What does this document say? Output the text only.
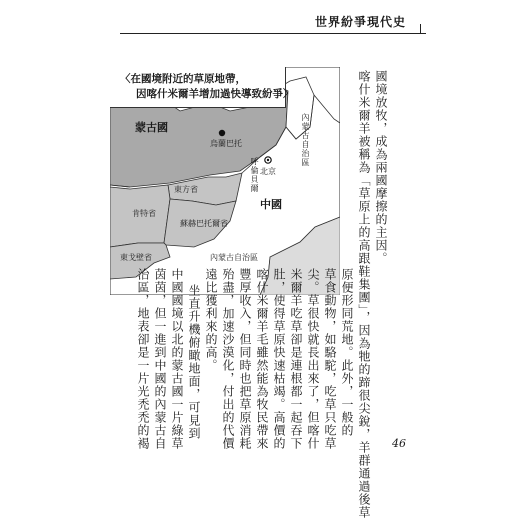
世界紛爭現代史
〈在國境附近的草原地帶，
因喀什米爾羊增加過快導致紛爭〉
蒙古國
烏蘭巴托
內蒙古自治區
呼倫貝爾
東方省
肯特省
蘇赫巴托爾省
東戈壁省	內蒙古自治區
北京
中國	國境放牧，成為兩國摩擦的主因。
喀什米爾羊被稱為「草原上的高跟鞋集團」，因為牠的蹄很尖銳，羊群通過後草
原便形同荒地。此外，一般的
草食動物，如駱駝，吃草只吃草
尖。草很快就長出來了，但喀什
米爾羊吃草卻是連根都一起吞下
肚，使得草原快速枯竭。高價的
喀什米爾羊毛雖然能為牧民帶來
豐厚收入，但同時也把草原消耗
殆盡，加速沙漠化，付出的代價
遠比獲利來的高。
坐直升機俯瞰地面，可見到
中國國境以北的蒙古國一片綠草
茵茵，但一進到中國的內蒙古自
治區，地表卻是一片光禿禿的褐	46
